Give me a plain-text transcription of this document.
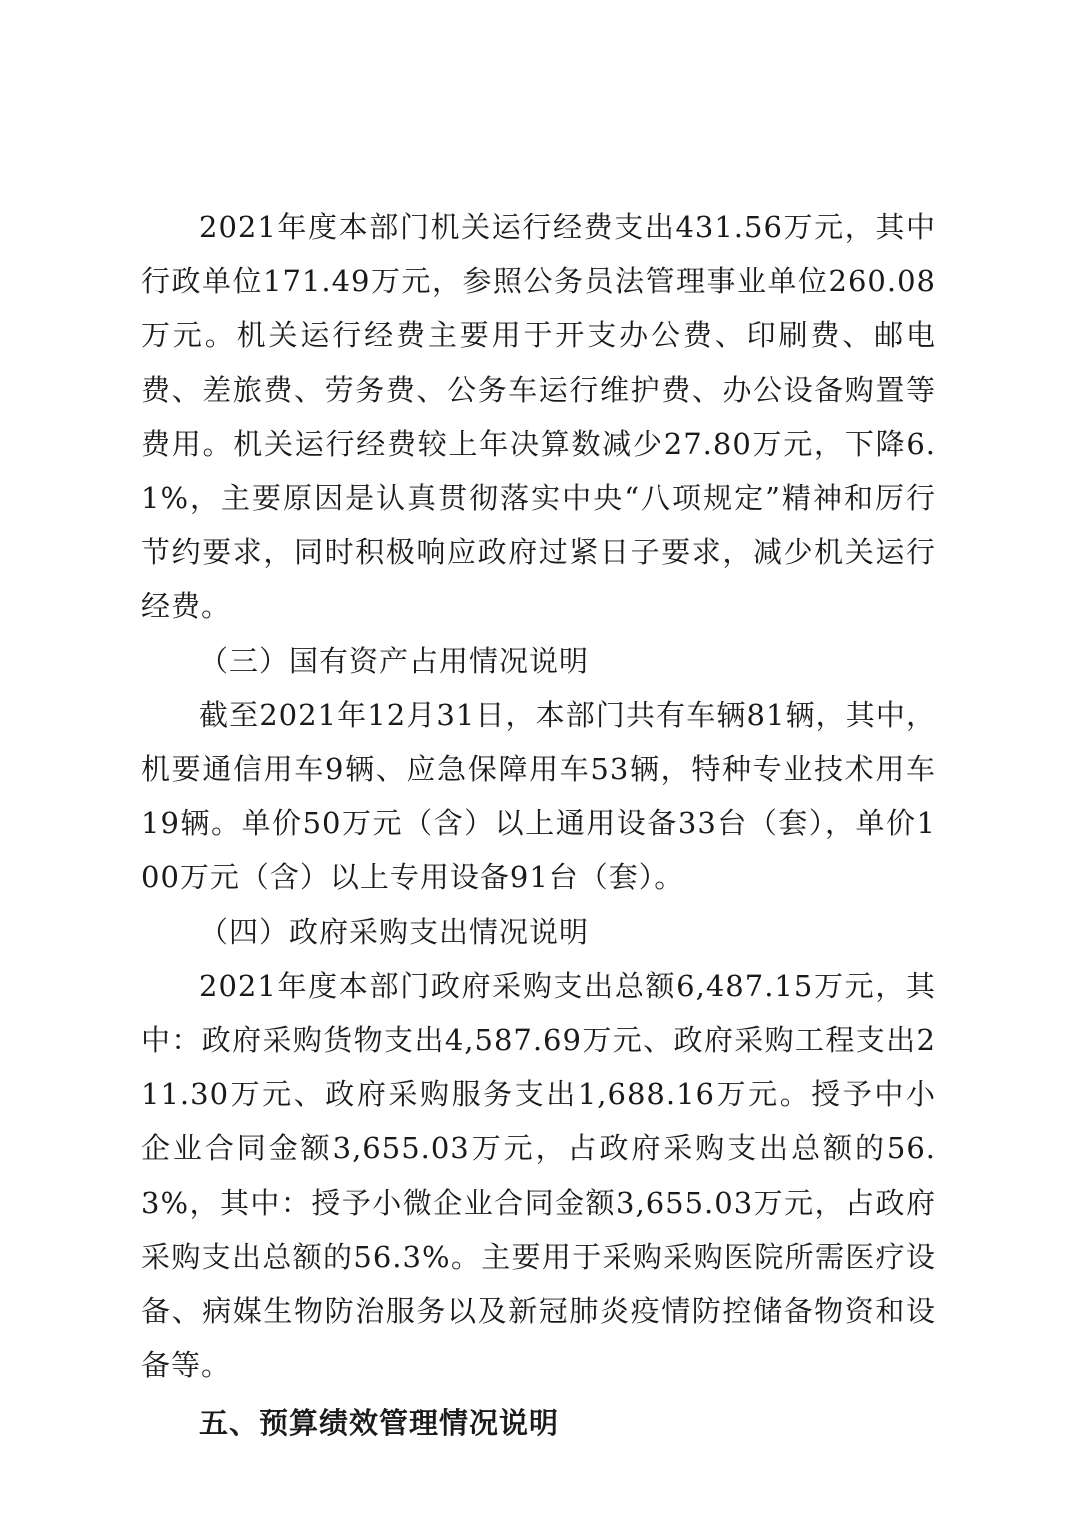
2021年度本部门机关运行经费支出431.56万元，其中行政单位171.49万元，参照公务员法管理事业单位260.08万元。机关运行经费主要用于开支办公费、印刷费、邮电费、差旅费、劳务费、公务车运行维护费、办公设备购置等费用。机关运行经费较上年决算数减少27.80万元，下降6.1%，主要原因是认真贯彻落实中央“八项规定”精神和厉行节约要求，同时积极响应政府过紧日子要求，减少机关运行经费。

（三）国有资产占用情况说明

截至2021年12月31日，本部门共有车辆81辆，其中，机要通信用车9辆、应急保障用车53辆，特种专业技术用车19辆。单价50万元（含）以上通用设备33台（套），单价100万元（含）以上专用设备91台（套）。

（四）政府采购支出情况说明

2021年度本部门政府采购支出总额6,487.15万元，其中：政府采购货物支出4,587.69万元、政府采购工程支出211.30万元、政府采购服务支出1,688.16万元。授予中小企业合同金额3,655.03万元，占政府采购支出总额的56.3%，其中：授予小微企业合同金额3,655.03万元，占政府采购支出总额的56.3%。主要用于采购采购医院所需医疗设备、病媒生物防治服务以及新冠肺炎疫情防控储备物资和设备等。

五、预算绩效管理情况说明
